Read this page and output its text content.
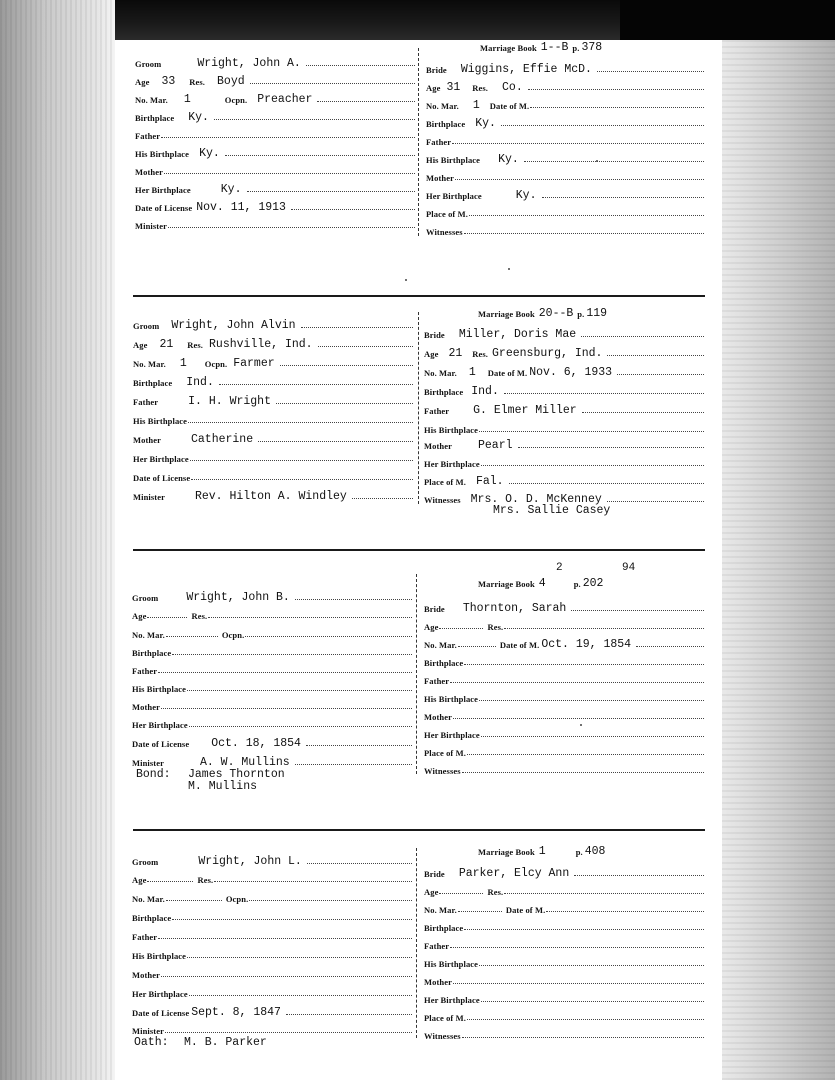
Groom	Wright, John A.
Age 33 Res. Boyd
No. Mar. 1	Ocpn. Preacher
Birthplace Ky.
Father
His Birthplace Ky.
Mother
Her Birthplace	Ky.
Date of License Nov. 11, 1913
Minister
Marriage Book 1--B p. 378
Bride Wiggins, Effie McD.
Age 31 Res. Co.
No. Mar. 1 Date of M.
Birthplace Ky.
Father
His Birthplace Ky.
Mother
Her Birthplace	Ky.
Place of M.
Witnesses
Groom Wright, John Alvin
Age 21 Res. Rushville, Ind.
No. Mar. 1 Ocpn. Farmer
Birthplace Ind.
Father	I. H. Wright
His Birthplace
Mother	Catherine
Her Birthplace
Date of License
Minister	Rev. Hilton A. Windley
Marriage Book 20--B p. 119
Bride Miller, Doris Mae
Age 21 Res. Greensburg, Ind.
No. Mar. 1 Date of M. Nov. 6, 1933
Birthplace Ind.
Father G. Elmer Miller
His Birthplace
Mother Pearl
Her Birthplace
Place of M. Fal.
Witnesses Mrs. O. D. McKenney
Mrs. Sallie Casey
Groom Wright, John B.
Age	Res.
No. Mar.	Ocpn.
Birthplace
Father
His Birthplace
Mother
Her Birthplace
Date of License Oct. 18, 1854
Minister	A. W. Mullins
Bond: James Thornton
M. Mullins
2	94
Marriage Book 4	p. 202
Bride Thornton, Sarah
Age	Res.
No. Mar.	Date of M. Oct. 19, 1854
Birthplace
Father
His Birthplace
Mother
Her Birthplace
Place of M.
Witnesses
Groom	Wright, John L.
Age	Res.
No. Mar.	Ocpn.
Birthplace
Father
His Birthplace
Mother
Her Birthplace
Date of License Sept. 8, 1847
Minister
Oath: M. B. Parker
Marriage Book 1	p. 408
Bride Parker, Elcy Ann
Age	Res.
No. Mar.	Date of M.
Birthplace
Father
His Birthplace
Mother
Her Birthplace
Place of M.
Witnesses
